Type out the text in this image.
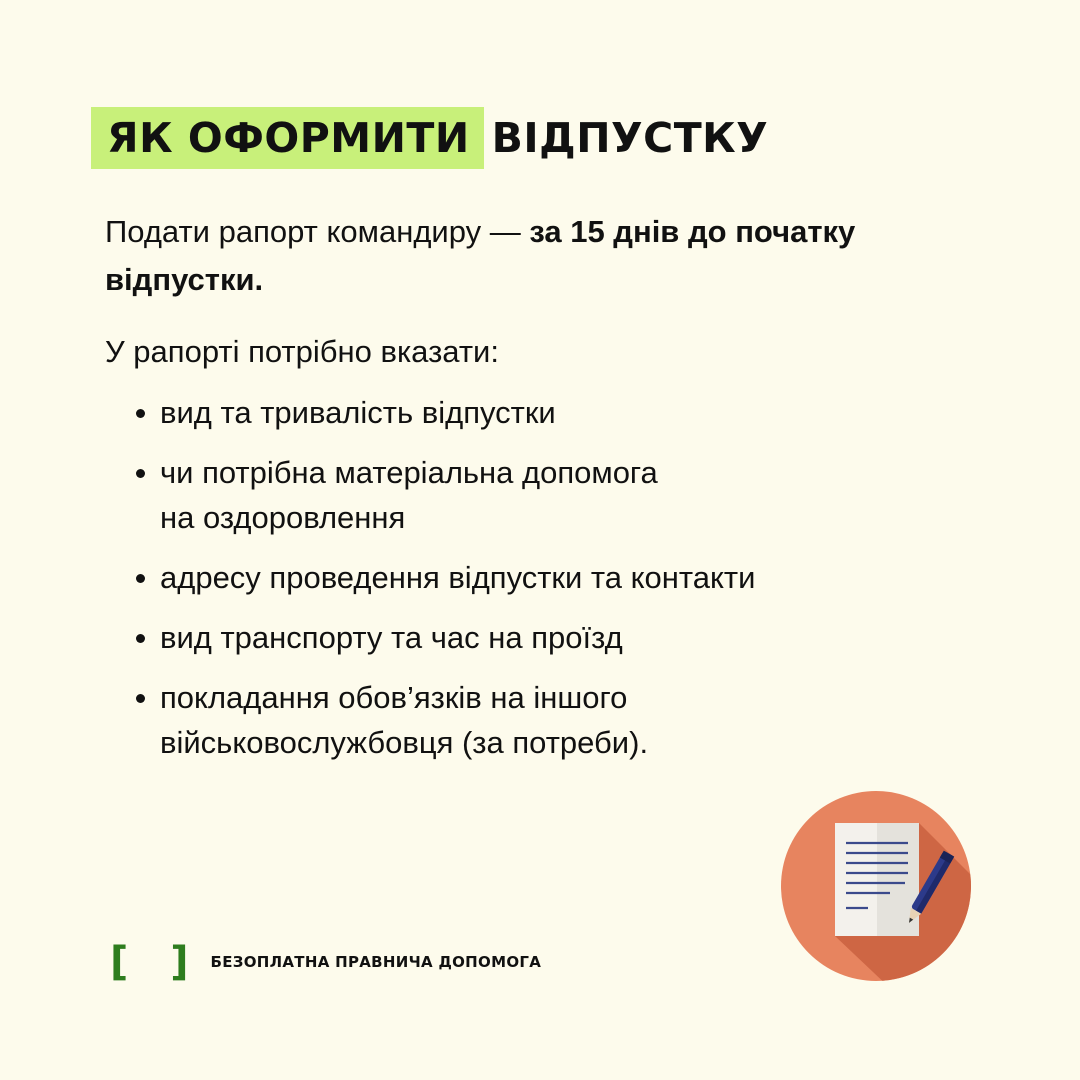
ЯК ОФОРМИТИ ВІДПУСТКУ
Подати рапорт командиру — за 15 днів до початку відпустки.
У рапорті потрібно вказати:
вид та тривалість відпустки
чи потрібна матеріальна допомога
на оздоровлення
адресу проведення відпустки та контакти
вид транспорту та час на проїзд
покладання обов’язків на іншого
військовослужбовця (за потреби).
[ ] БЕЗОПЛАТНА ПРАВНИЧА ДОПОМОГА
